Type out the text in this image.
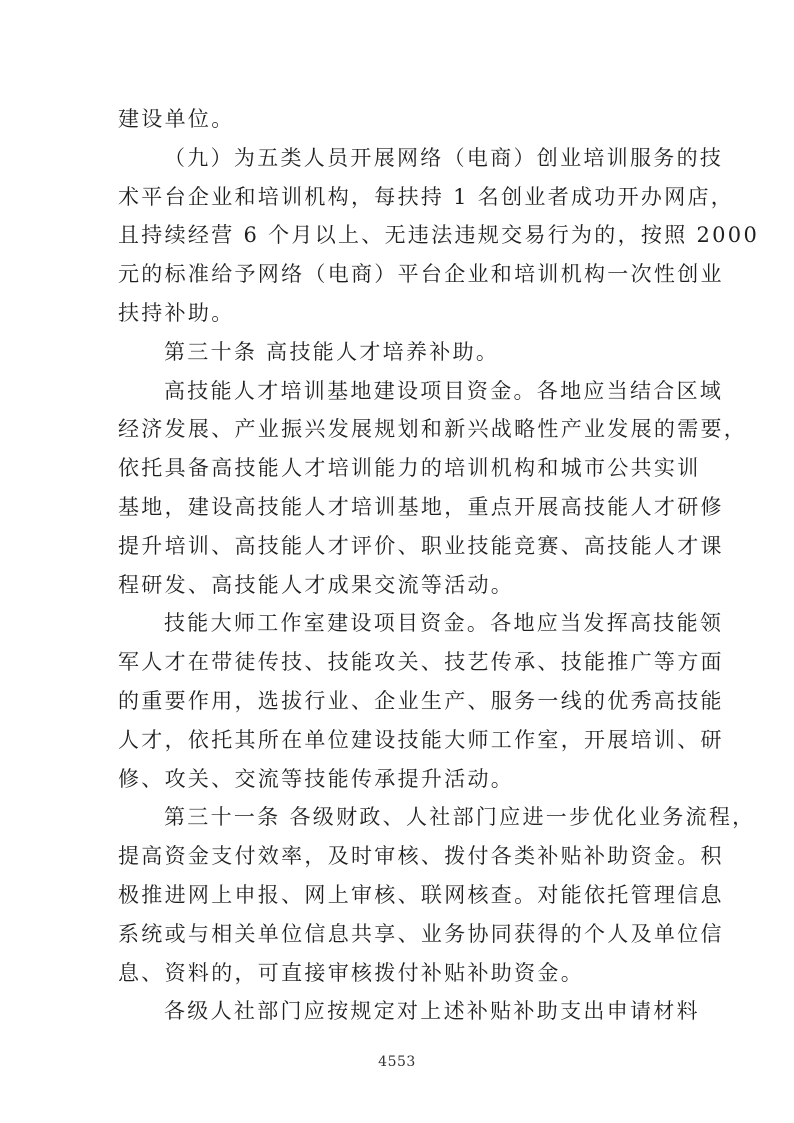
建设单位。
（九）为五类人员开展网络（电商）创业培训服务的技
术平台企业和培训机构，每扶持 1 名创业者成功开办网店，
且持续经营 6 个月以上、无违法违规交易行为的，按照 2000
元的标准给予网络（电商）平台企业和培训机构一次性创业
扶持补助。
第三十条 高技能人才培养补助。
高技能人才培训基地建设项目资金。各地应当结合区域
经济发展、产业振兴发展规划和新兴战略性产业发展的需要，
依托具备高技能人才培训能力的培训机构和城市公共实训
基地，建设高技能人才培训基地，重点开展高技能人才研修
提升培训、高技能人才评价、职业技能竞赛、高技能人才课
程研发、高技能人才成果交流等活动。
技能大师工作室建设项目资金。各地应当发挥高技能领
军人才在带徒传技、技能攻关、技艺传承、技能推广等方面
的重要作用，选拔行业、企业生产、服务一线的优秀高技能
人才，依托其所在单位建设技能大师工作室，开展培训、研
修、攻关、交流等技能传承提升活动。
第三十一条 各级财政、人社部门应进一步优化业务流程，
提高资金支付效率，及时审核、拨付各类补贴补助资金。积
极推进网上申报、网上审核、联网核查。对能依托管理信息
系统或与相关单位信息共享、业务协同获得的个人及单位信
息、资料的，可直接审核拨付补贴补助资金。
各级人社部门应按规定对上述补贴补助支出申请材料
4553
